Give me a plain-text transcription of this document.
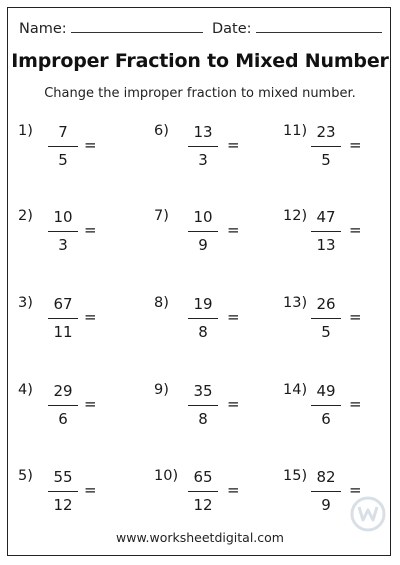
Name:	Date:
Improper Fraction to Mixed Number
Change the improper fraction to mixed number.
1)	7
5
=
2)	10
3
=
3)	67
11
=
4)	29
6
=
5)	55
12
=
6)	13
3
=
7)	10
9
=
8)	19
8
=
9)	35
8
=
10)	65
12
=
11) 23
5
=
12) 47
13
=
13) 26
5
=
14) 49
6
=
15) 82
9
=
www.worksheetdigital.com
